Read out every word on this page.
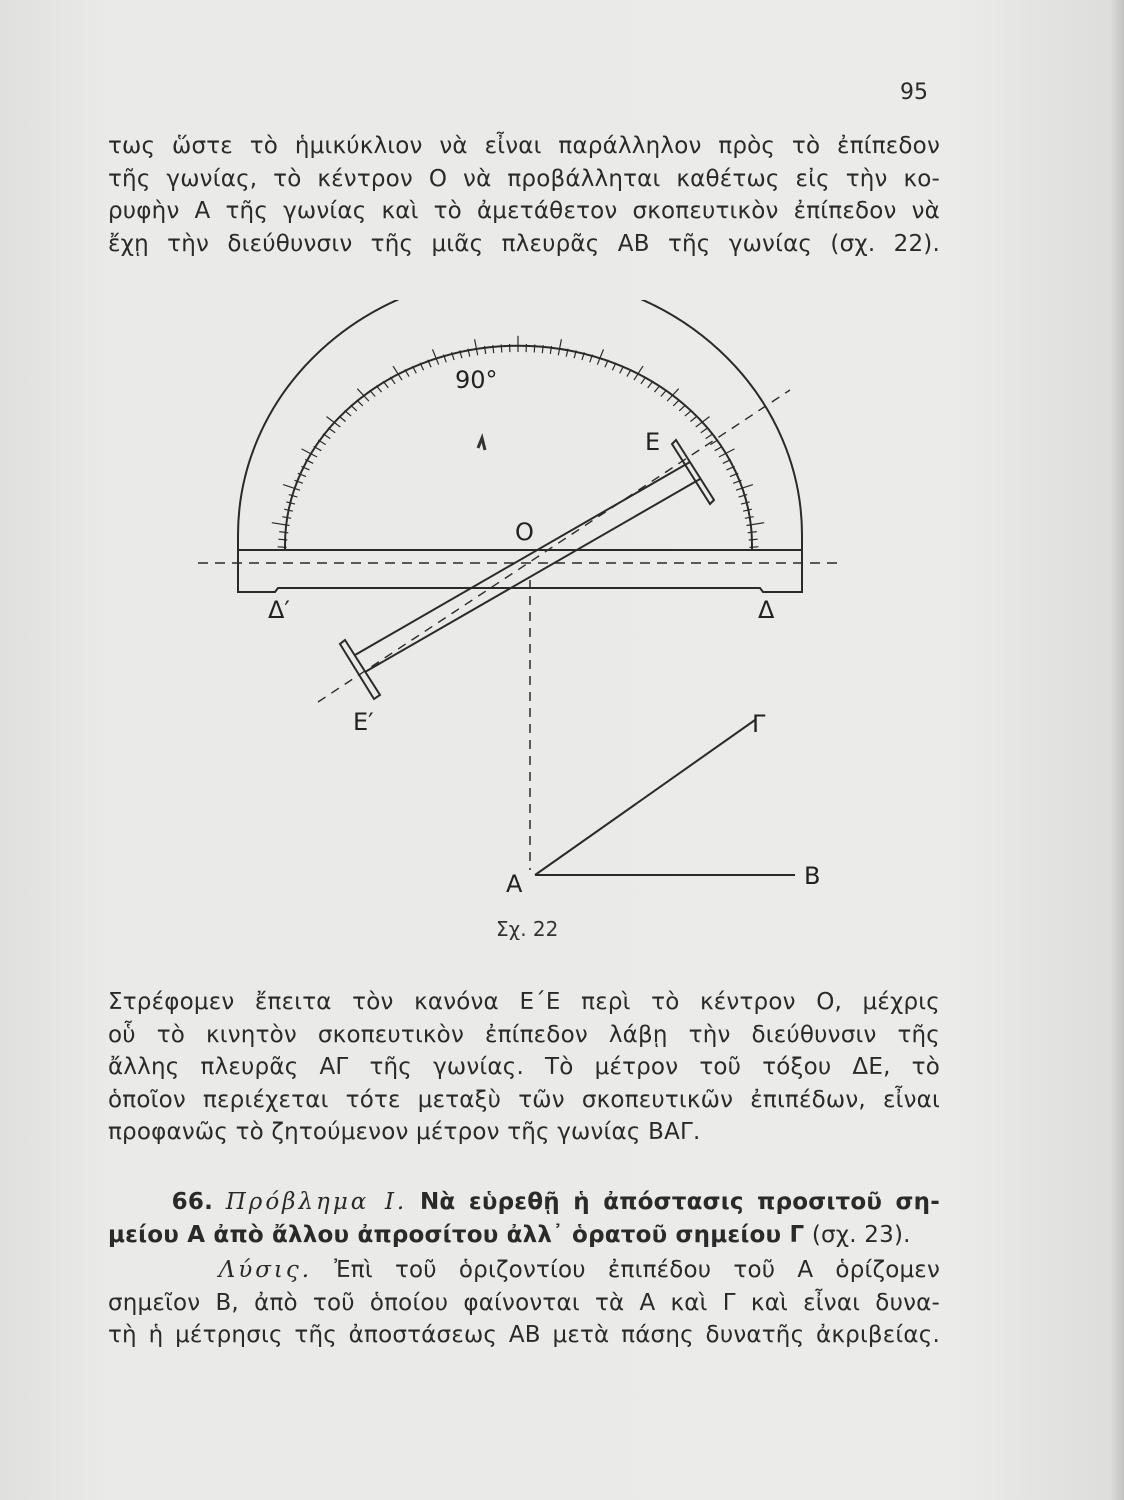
95
τως ὥστε τὸ ἡμικύκλιον νὰ εἶναι παράλληλον πρὸς τὸ ἐπίπεδον
τῆς γωνίας, τὸ κέντρον Ο νὰ προβάλληται καθέτως εἰς τὴν κο-
ρυφὴν Α τῆς γωνίας καὶ τὸ ἀμετάθετον σκοπευτικὸν ἐπίπεδον νὰ
ἔχῃ τὴν διεύθυνσιν τῆς μιᾶς πλευρᾶς ΑΒ τῆς γωνίας (σχ. 22).
90°
Ε
Ο
Δ′	Δ
Ε′	Γ
Α	Β
Σχ. 22
Στρέφομεν ἔπειτα τὸν κανόνα Ε΄Ε περὶ τὸ κέντρον Ο, μέχρις
οὗ τὸ κινητὸν σκοπευτικὸν ἐπίπεδον λάβῃ τὴν διεύθυνσιν τῆς
ἄλλης πλευρᾶς ΑΓ τῆς γωνίας. Τὸ μέτρον τοῦ τόξου ΔΕ, τὸ
ὁποῖον περιέχεται τότε μεταξὺ τῶν σκοπευτικῶν ἐπιπέδων, εἶναι
προφανῶς τὸ ζητούμενον μέτρον τῆς γωνίας ΒΑΓ.
66. Πρόβλημα Ι. Νὰ εὑρεθῇ ἡ ἀπόστασις προσιτοῦ ση-
μείου Α ἀπὸ ἄλλου ἀπροσίτου ἀλλ᾽ ὁρατοῦ σημείου Γ (σχ. 23).
Λύσις. Ἐπὶ τοῦ ὁριζοντίου ἐπιπέδου τοῦ Α ὁρίζομεν
σημεῖον Β, ἀπὸ τοῦ ὁποίου φαίνονται τὰ Α καὶ Γ καὶ εἶναι δυνα-
τὴ ἡ μέτρησις τῆς ἀποστάσεως ΑΒ μετὰ πάσης δυνατῆς ἀκριβείας.
